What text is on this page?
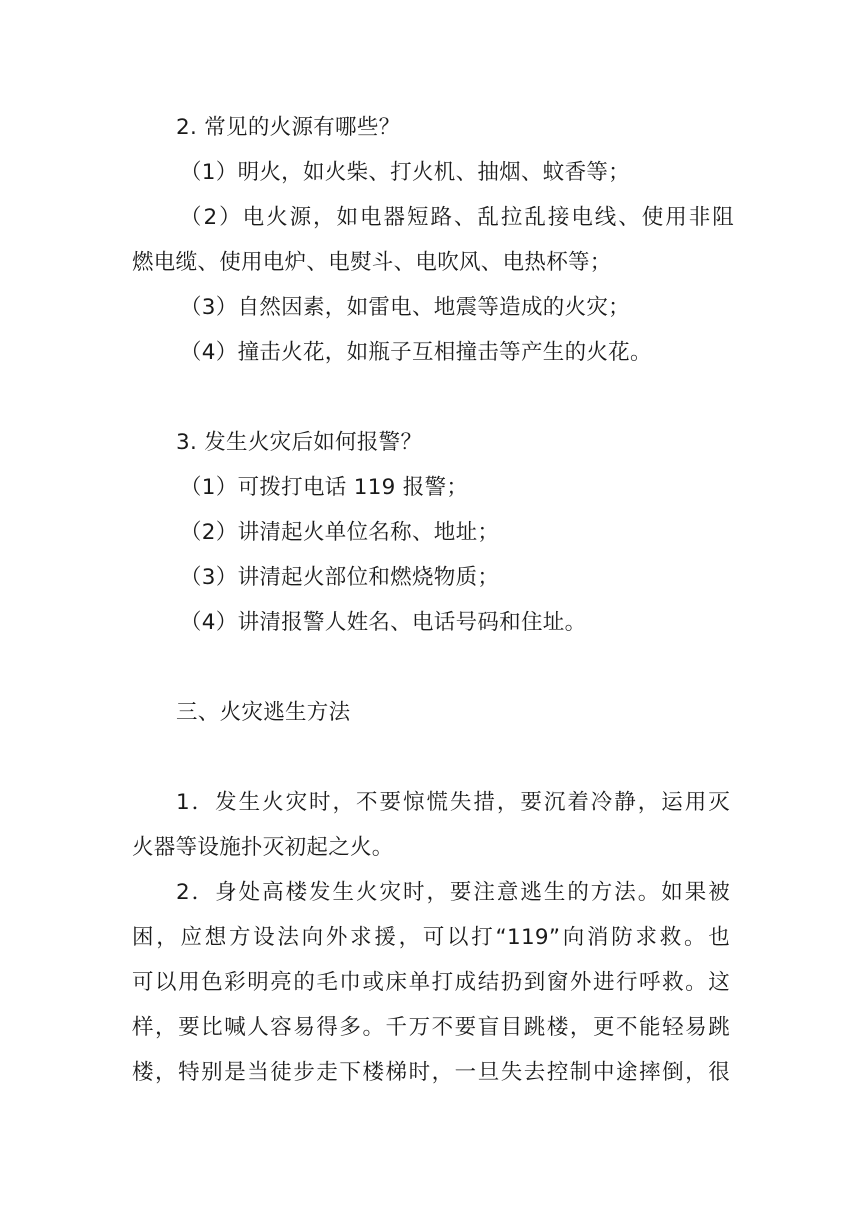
2. 常见的火源有哪些？
（1）明火，如火柴、打火机、抽烟、蚊香等；
（2）电火源，如电器短路、乱拉乱接电线、使用非阻
燃电缆、使用电炉、电熨斗、电吹风、电热杯等；
（3）自然因素，如雷电、地震等造成的火灾；
（4）撞击火花，如瓶子互相撞击等产生的火花。
3. 发生火灾后如何报警？
（1）可拨打电话 119 报警；
（2）讲清起火单位名称、地址；
（3）讲清起火部位和燃烧物质；
（4）讲清报警人姓名、电话号码和住址。
三、火灾逃生方法
1．发生火灾时，不要惊慌失措，要沉着冷静，运用灭
火器等设施扑灭初起之火。
2．身处高楼发生火灾时，要注意逃生的方法。如果被
困，应想方设法向外求援，可以打“119”向消防求救。也
可以用色彩明亮的毛巾或床单打成结扔到窗外进行呼救。这
样，要比喊人容易得多。千万不要盲目跳楼，更不能轻易跳
楼，特别是当徒步走下楼梯时，一旦失去控制中途摔倒，很
